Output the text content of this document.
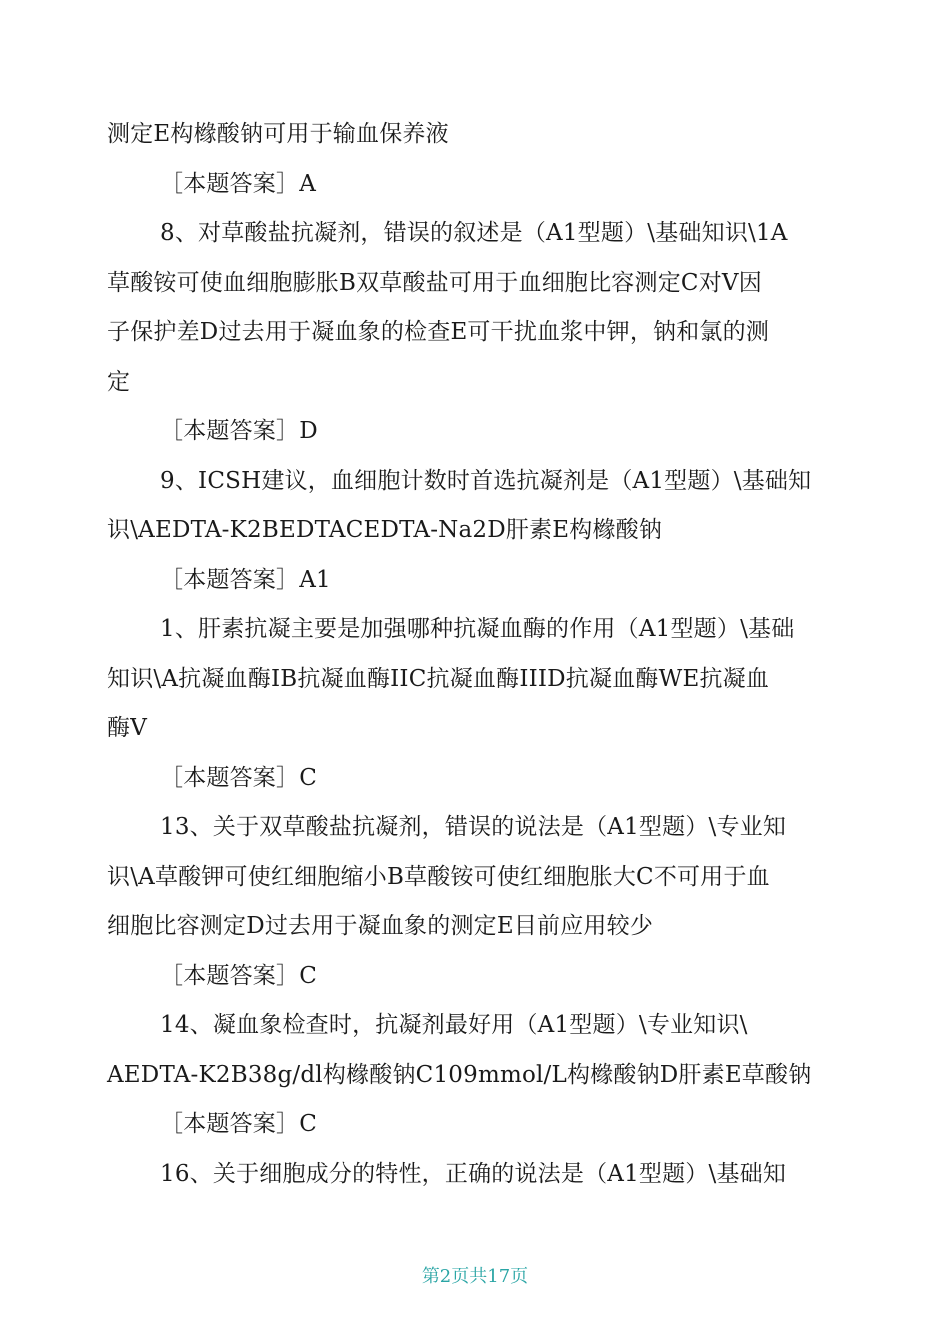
测定E构橼酸钠可用于输血保养液

［本题答案］A

8、对草酸盐抗凝剂，错误的叙述是（A1型题）\基础知识\1A

草酸铵可使血细胞膨胀B双草酸盐可用于血细胞比容测定C对V因

子保护差D过去用于凝血象的检查E可干扰血浆中钾，钠和氯的测

定

［本题答案］D

9、ICSH建议，血细胞计数时首选抗凝剂是（A1型题）\基础知

识\AEDTA-K2BEDTACEDTA-Na2D肝素E构橼酸钠

［本题答案］A1

1、肝素抗凝主要是加强哪种抗凝血酶的作用（A1型题）\基础

知识\A抗凝血酶IB抗凝血酶IIC抗凝血酶IIID抗凝血酶WE抗凝血

酶V

［本题答案］C

13、关于双草酸盐抗凝剂，错误的说法是（A1型题）\专业知

识\A草酸钾可使红细胞缩小B草酸铵可使红细胞胀大C不可用于血

细胞比容测定D过去用于凝血象的测定E目前应用较少

［本题答案］C

14、凝血象检查时，抗凝剂最好用（A1型题）\专业知识\

AEDTA-K2B38g/dl构橼酸钠C109mmol/L构橼酸钠D肝素E草酸钠

［本题答案］C

16、关于细胞成分的特性，正确的说法是（A1型题）\基础知

第2页共17页
